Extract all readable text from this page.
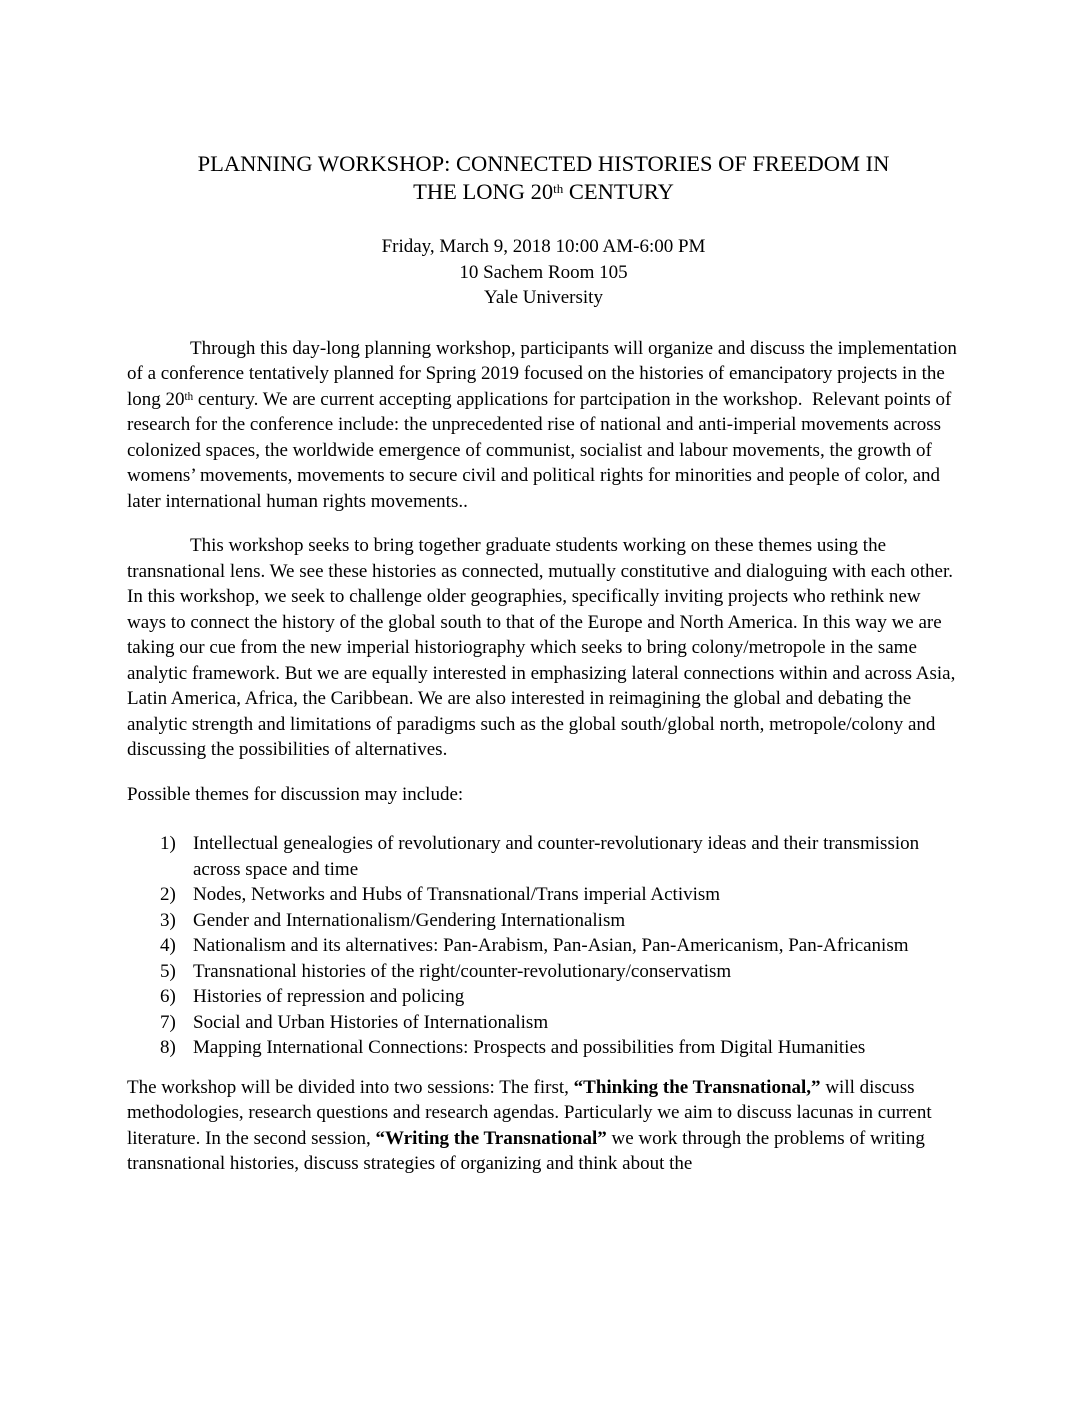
PLANNING WORKSHOP: CONNECTED HISTORIES OF FREEDOM IN
THE LONG 20th CENTURY
Friday, March 9, 2018 10:00 AM-6:00 PM
10 Sachem Room 105
Yale University

Through this day-long planning workshop, participants will organize and discuss the implementation of a conference tentatively planned for Spring 2019 focused on the histories of emancipatory projects in the long 20th century. We are current accepting applications for partcipation in the workshop.  Relevant points of research for the conference include: the unprecedented rise of national and anti-imperial movements across colonized spaces, the worldwide emergence of communist, socialist and labour movements, the growth of womens’ movements, movements to secure civil and political rights for minorities and people of color, and later international human rights movements..

This workshop seeks to bring together graduate students working on these themes using the transnational lens. We see these histories as connected, mutually constitutive and dialoguing with each other. In this workshop, we seek to challenge older geographies, specifically inviting projects who rethink new ways to connect the history of the global south to that of the Europe and North America. In this way we are taking our cue from the new imperial historiography which seeks to bring colony/metropole in the same analytic framework. But we are equally interested in emphasizing lateral connections within and across Asia, Latin America, Africa, the Caribbean. We are also interested in reimagining the global and debating the analytic strength and limitations of paradigms such as the global south/global north, metropole/colony and discussing the possibilities of alternatives.

Possible themes for discussion may include:

1) Intellectual genealogies of revolutionary and counter-revolutionary ideas and their transmission across space and time
2) Nodes, Networks and Hubs of Transnational/Trans imperial Activism
3) Gender and Internationalism/Gendering Internationalism
4) Nationalism and its alternatives: Pan-Arabism, Pan-Asian, Pan-Americanism, Pan-Africanism
5) Transnational histories of the right/counter-revolutionary/conservatism
6) Histories of repression and policing
7) Social and Urban Histories of Internationalism
8) Mapping International Connections: Prospects and possibilities from Digital Humanities

The workshop will be divided into two sessions: The first, “Thinking the Transnational,” will discuss methodologies, research questions and research agendas. Particularly we aim to discuss lacunas in current literature. In the second session, “Writing the Transnational” we work through the problems of writing transnational histories, discuss strategies of organizing and think about the
